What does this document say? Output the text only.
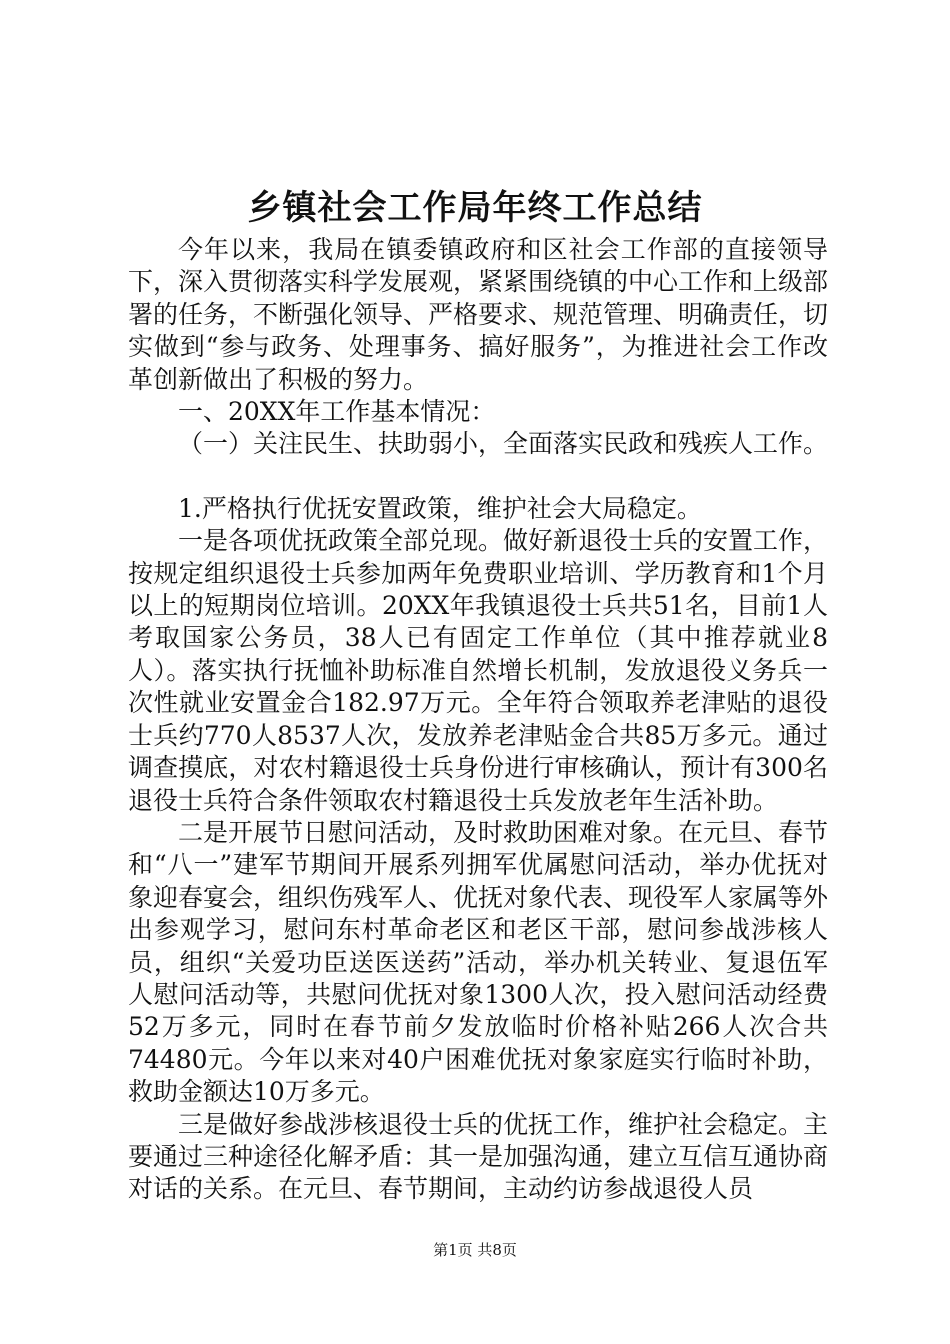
乡镇社会工作局年终工作总结

今年以来，我局在镇委镇政府和区社会工作部的直接领导下，深入贯彻落实科学发展观，紧紧围绕镇的中心工作和上级部署的任务，不断强化领导、严格要求、规范管理、明确责任，切实做到“参与政务、处理事务、搞好服务”，为推进社会工作改革创新做出了积极的努力。

一、20XX年工作基本情况：

（一）关注民生、扶助弱小，全面落实民政和残疾人工作。

1.严格执行优抚安置政策，维护社会大局稳定。

一是各项优抚政策全部兑现。做好新退役士兵的安置工作，按规定组织退役士兵参加两年免费职业培训、学历教育和1个月以上的短期岗位培训。20XX年我镇退役士兵共51名，目前1人考取国家公务员，38人已有固定工作单位（其中推荐就业8人）。落实执行抚恤补助标准自然增长机制，发放退役义务兵一次性就业安置金合182.97万元。全年符合领取养老津贴的退役士兵约770人8537人次，发放养老津贴金合共85万多元。通过调查摸底，对农村籍退役士兵身份进行审核确认，预计有300名退役士兵符合条件领取农村籍退役士兵发放老年生活补助。

二是开展节日慰问活动，及时救助困难对象。在元旦、春节和“八一”建军节期间开展系列拥军优属慰问活动，举办优抚对象迎春宴会，组织伤残军人、优抚对象代表、现役军人家属等外出参观学习，慰问东村革命老区和老区干部，慰问参战涉核人员，组织“关爱功臣送医送药”活动，举办机关转业、复退伍军人慰问活动等，共慰问优抚对象1300人次，投入慰问活动经费52万多元，同时在春节前夕发放临时价格补贴266人次合共74480元。今年以来对40户困难优抚对象家庭实行临时补助，救助金额达10万多元。

三是做好参战涉核退役士兵的优抚工作，维护社会稳定。主要通过三种途径化解矛盾：其一是加强沟通，建立互信互通协商对话的关系。在元旦、春节期间，主动约访参战退役人员

第1页 共8页
